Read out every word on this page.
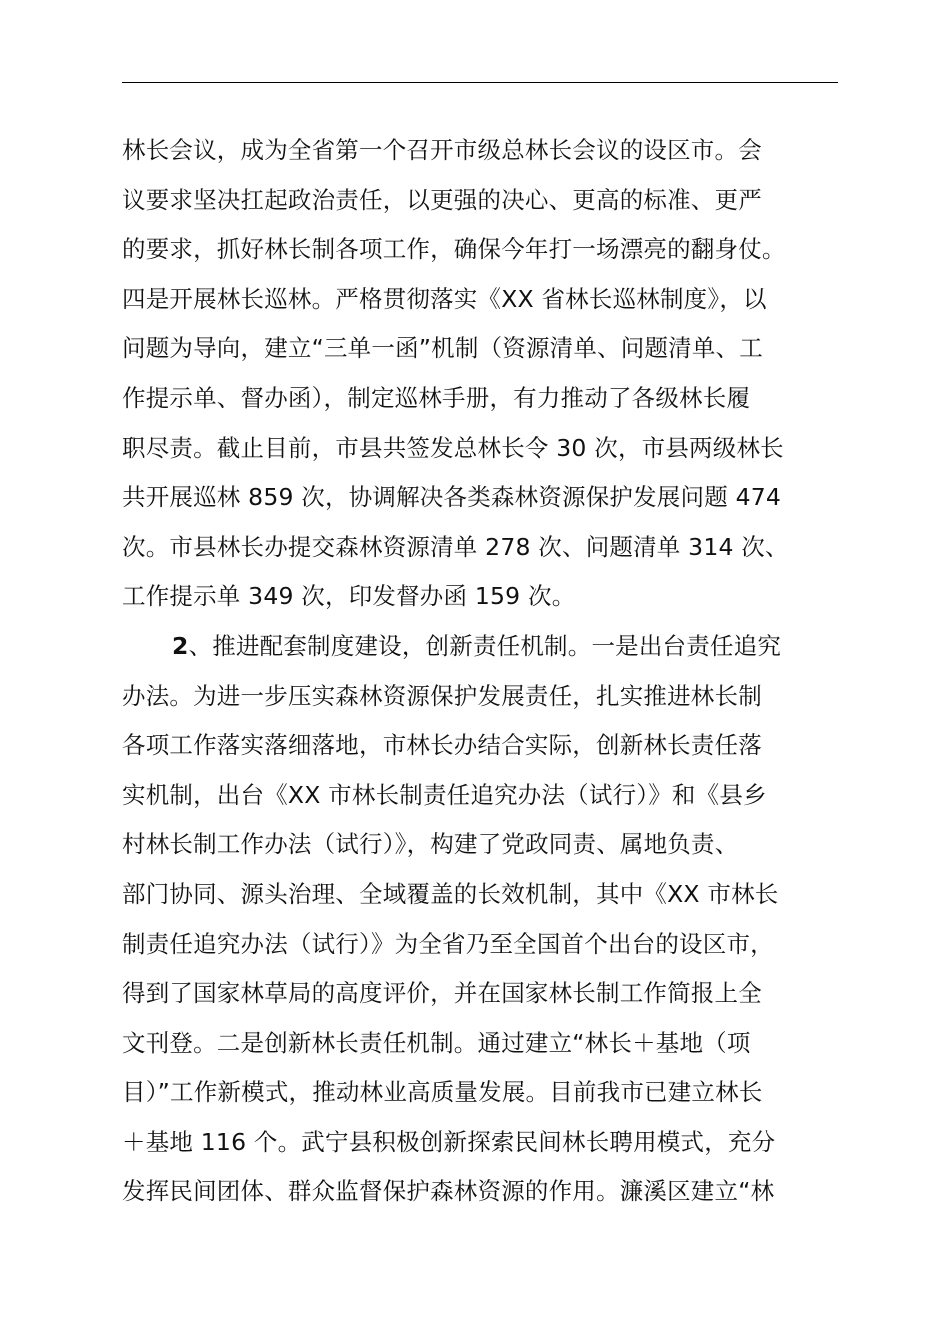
林长会议，成为全省第一个召开市级总林长会议的设区市。会
议要求坚决扛起政治责任，以更强的决心、更高的标准、更严
的要求，抓好林长制各项工作，确保今年打一场漂亮的翻身仗。
四是开展林长巡林。严格贯彻落实《XX 省林长巡林制度》，以
问题为导向，建立“三单一函”机制（资源清单、问题清单、工
作提示单、督办函），制定巡林手册，有力推动了各级林长履
职尽责。截止目前，市县共签发总林长令 30 次，市县两级林长
共开展巡林 859 次，协调解决各类森林资源保护发展问题 474
次。市县林长办提交森林资源清单 278 次、问题清单 314 次、
工作提示单 349 次，印发督办函 159 次。
2、推进配套制度建设，创新责任机制。一是出台责任追究
办法。为进一步压实森林资源保护发展责任，扎实推进林长制
各项工作落实落细落地，市林长办结合实际，创新林长责任落
实机制，出台《XX 市林长制责任追究办法（试行）》和《县乡
村林长制工作办法（试行）》，构建了党政同责、属地负责、
部门协同、源头治理、全域覆盖的长效机制，其中《XX 市林长
制责任追究办法（试行）》为全省乃至全国首个出台的设区市，
得到了国家林草局的高度评价，并在国家林长制工作简报上全
文刊登。二是创新林长责任机制。通过建立“林长＋基地（项
目）”工作新模式，推动林业高质量发展。目前我市已建立林长
＋基地 116 个。武宁县积极创新探索民间林长聘用模式，充分
发挥民间团体、群众监督保护森林资源的作用。濂溪区建立“林
